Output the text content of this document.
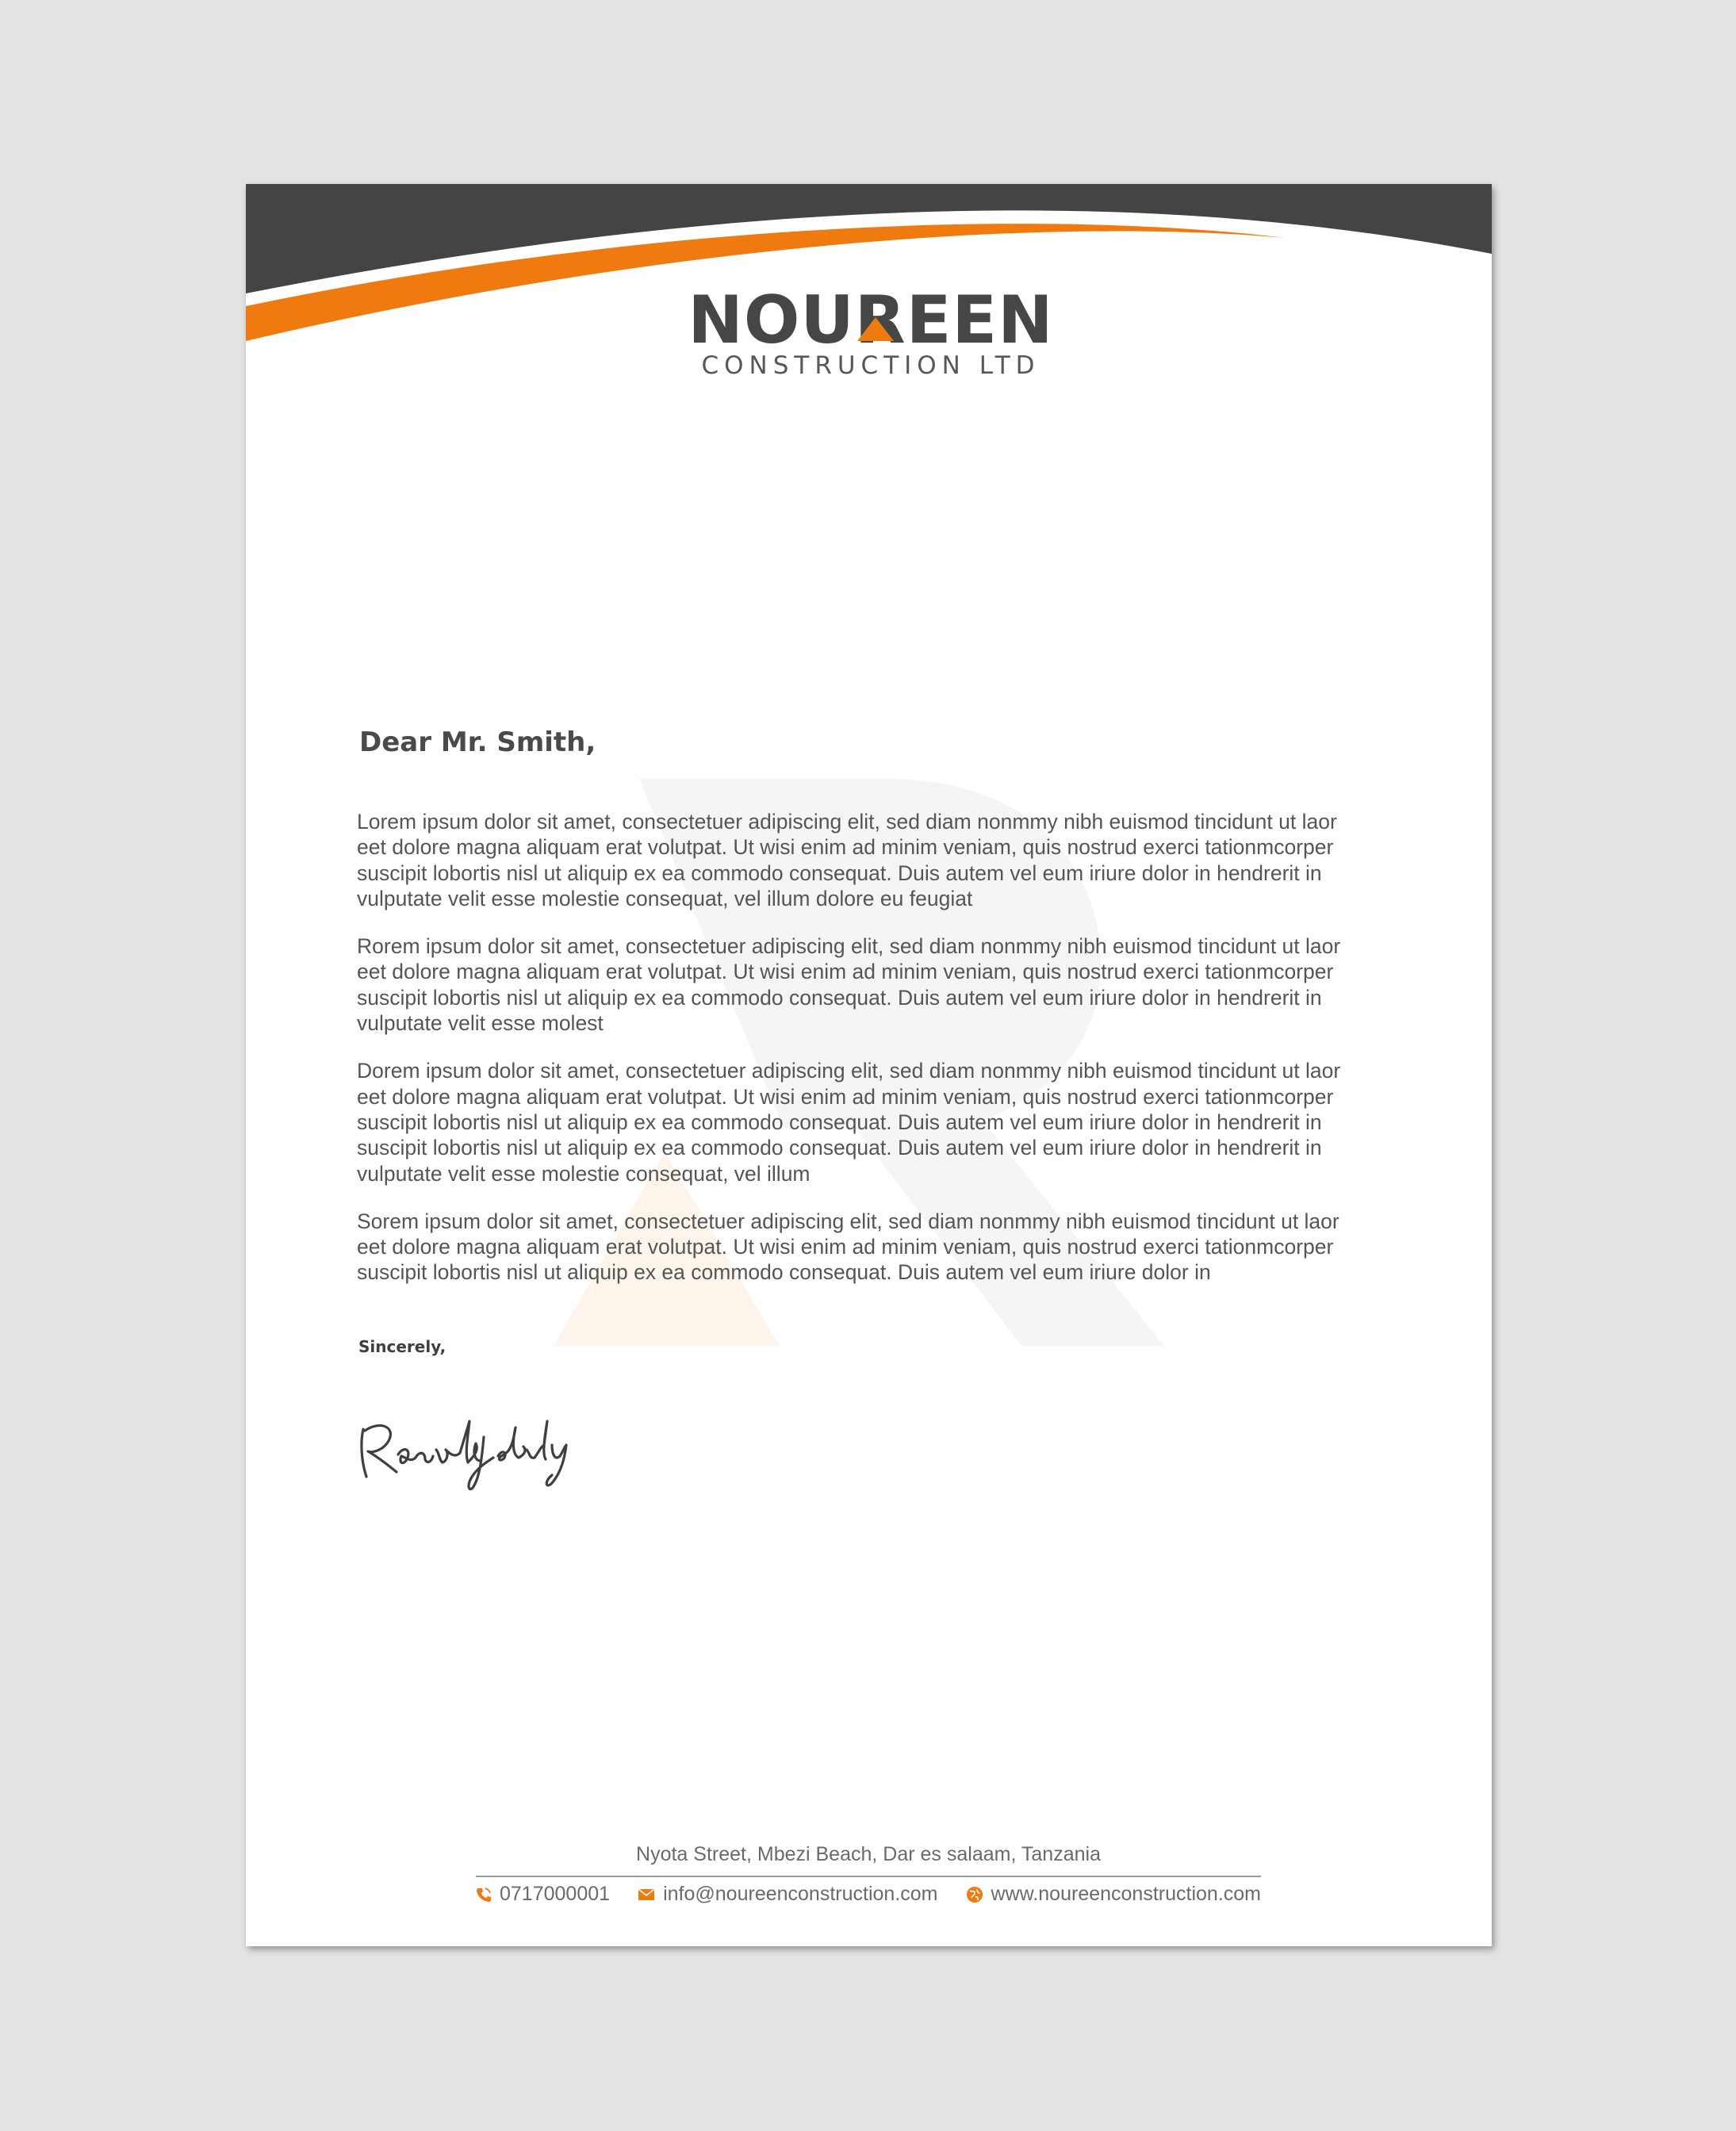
NOUREEN
CONSTRUCTION LTD
Dear Mr. Smith,

Lorem ipsum dolor sit amet, consectetuer adipiscing elit, sed diam nonmmy nibh euismod tincidunt ut laor
eet dolore magna aliquam erat volutpat. Ut wisi enim ad minim veniam, quis nostrud exerci tationmcorper
suscipit lobortis nisl ut aliquip ex ea commodo consequat. Duis autem vel eum iriure dolor in hendrerit in
vulputate velit esse molestie consequat, vel illum dolore eu feugiat

Rorem ipsum dolor sit amet, consectetuer adipiscing elit, sed diam nonmmy nibh euismod tincidunt ut laor
eet dolore magna aliquam erat volutpat. Ut wisi enim ad minim veniam, quis nostrud exerci tationmcorper
suscipit lobortis nisl ut aliquip ex ea commodo consequat. Duis autem vel eum iriure dolor in hendrerit in
vulputate velit esse molest

Dorem ipsum dolor sit amet, consectetuer adipiscing elit, sed diam nonmmy nibh euismod tincidunt ut laor
eet dolore magna aliquam erat volutpat. Ut wisi enim ad minim veniam, quis nostrud exerci tationmcorper
suscipit lobortis nisl ut aliquip ex ea commodo consequat. Duis autem vel eum iriure dolor in hendrerit in
suscipit lobortis nisl ut aliquip ex ea commodo consequat. Duis autem vel eum iriure dolor in hendrerit in
vulputate velit esse molestie consequat, vel illum

Sorem ipsum dolor sit amet, consectetuer adipiscing elit, sed diam nonmmy nibh euismod tincidunt ut laor
eet dolore magna aliquam erat volutpat. Ut wisi enim ad minim veniam, quis nostrud exerci tationmcorper
suscipit lobortis nisl ut aliquip ex ea commodo consequat. Duis autem vel eum iriure dolor in

Sincerely,
Nyota Street, Mbezi Beach, Dar es salaam, Tanzania
0717000001	info@noureenconstruction.com	www.noureenconstruction.com
